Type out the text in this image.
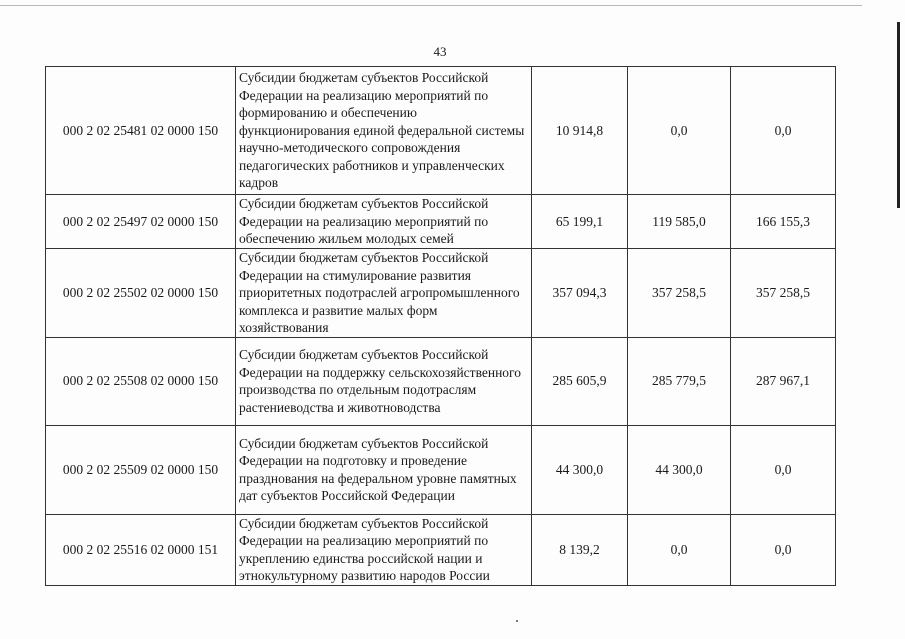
43
000 2 02 25481 02 0000 150	Субсидии бюджетам субъектов Российской Федерации на реализацию мероприятий по формированию и обеспечению функционирования единой федеральной системы научно-методического сопровождения педагогических работников и управленческих кадров	10 914,8	0,0	0,0
000 2 02 25497 02 0000 150	Субсидии бюджетам субъектов Российской Федерации на реализацию мероприятий по обеспечению жильем молодых семей	65 199,1	119 585,0	166 155,3
000 2 02 25502 02 0000 150	Субсидии бюджетам субъектов Российской Федерации на стимулирование развития приоритетных подотраслей агропромышленного комплекса и развитие малых форм хозяйствования	357 094,3	357 258,5	357 258,5
000 2 02 25508 02 0000 150	Субсидии бюджетам субъектов Российской Федерации на поддержку сельскохозяйственного производства по отдельным подотраслям растениеводства и животноводства	285 605,9	285 779,5	287 967,1
000 2 02 25509 02 0000 150	Субсидии бюджетам субъектов Российской Федерации на подготовку и проведение празднования на федеральном уровне памятных дат субъектов Российской Федерации	44 300,0	44 300,0	0,0
000 2 02 25516 02 0000 151	Субсидии бюджетам субъектов Российской Федерации на реализацию мероприятий по укреплению единства российской нации и этнокультурному развитию народов России	8 139,2	0,0	0,0
